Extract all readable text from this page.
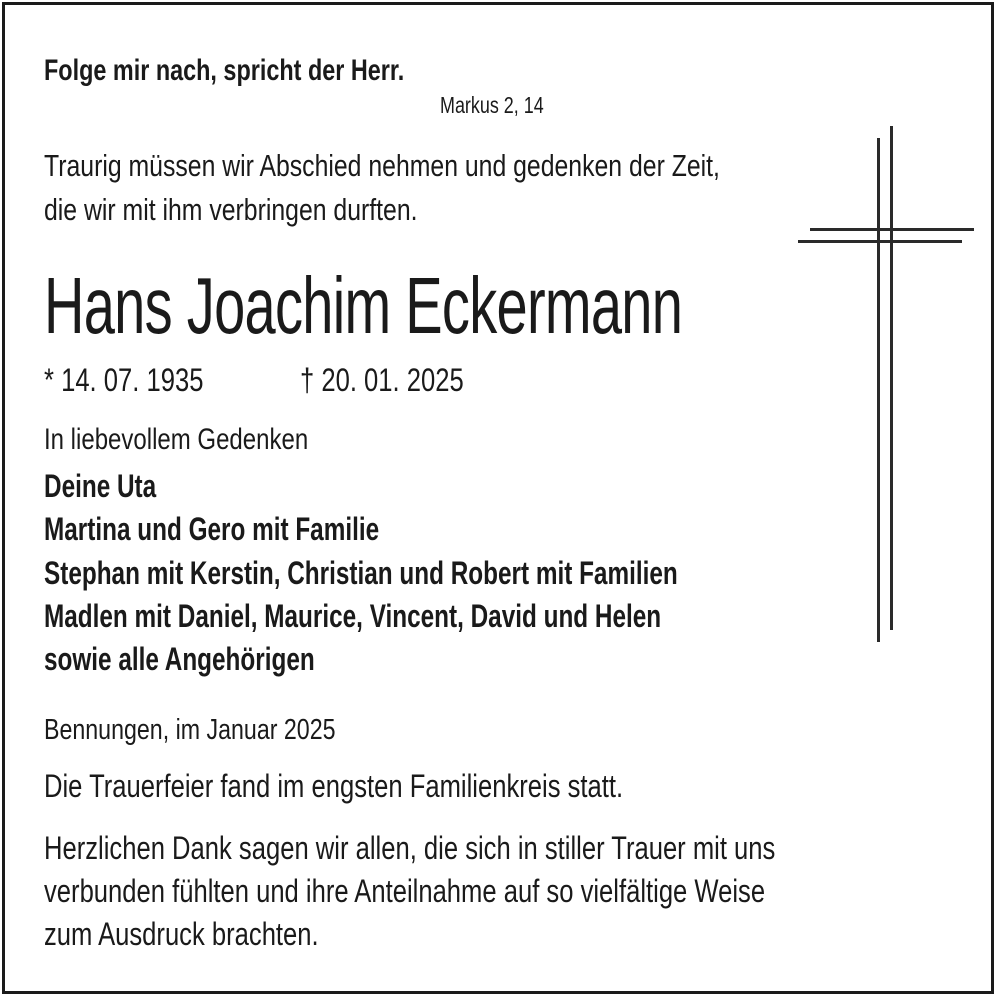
Folge mir nach, spricht der Herr.
Markus 2, 14
Traurig müssen wir Abschied nehmen und gedenken der Zeit,
die wir mit ihm verbringen durften.
Hans Joachim Eckermann
* 14. 07. 1935	† 20. 01. 2025
In liebevollem Gedenken
Deine Uta
Martina und Gero mit Familie
Stephan mit Kerstin, Christian und Robert mit Familien
Madlen mit Daniel, Maurice, Vincent, David und Helen
sowie alle Angehörigen
Bennungen, im Januar 2025
Die Trauerfeier fand im engsten Familienkreis statt.
Herzlichen Dank sagen wir allen, die sich in stiller Trauer mit uns
verbunden fühlten und ihre Anteilnahme auf so vielfältige Weise
zum Ausdruck brachten.
